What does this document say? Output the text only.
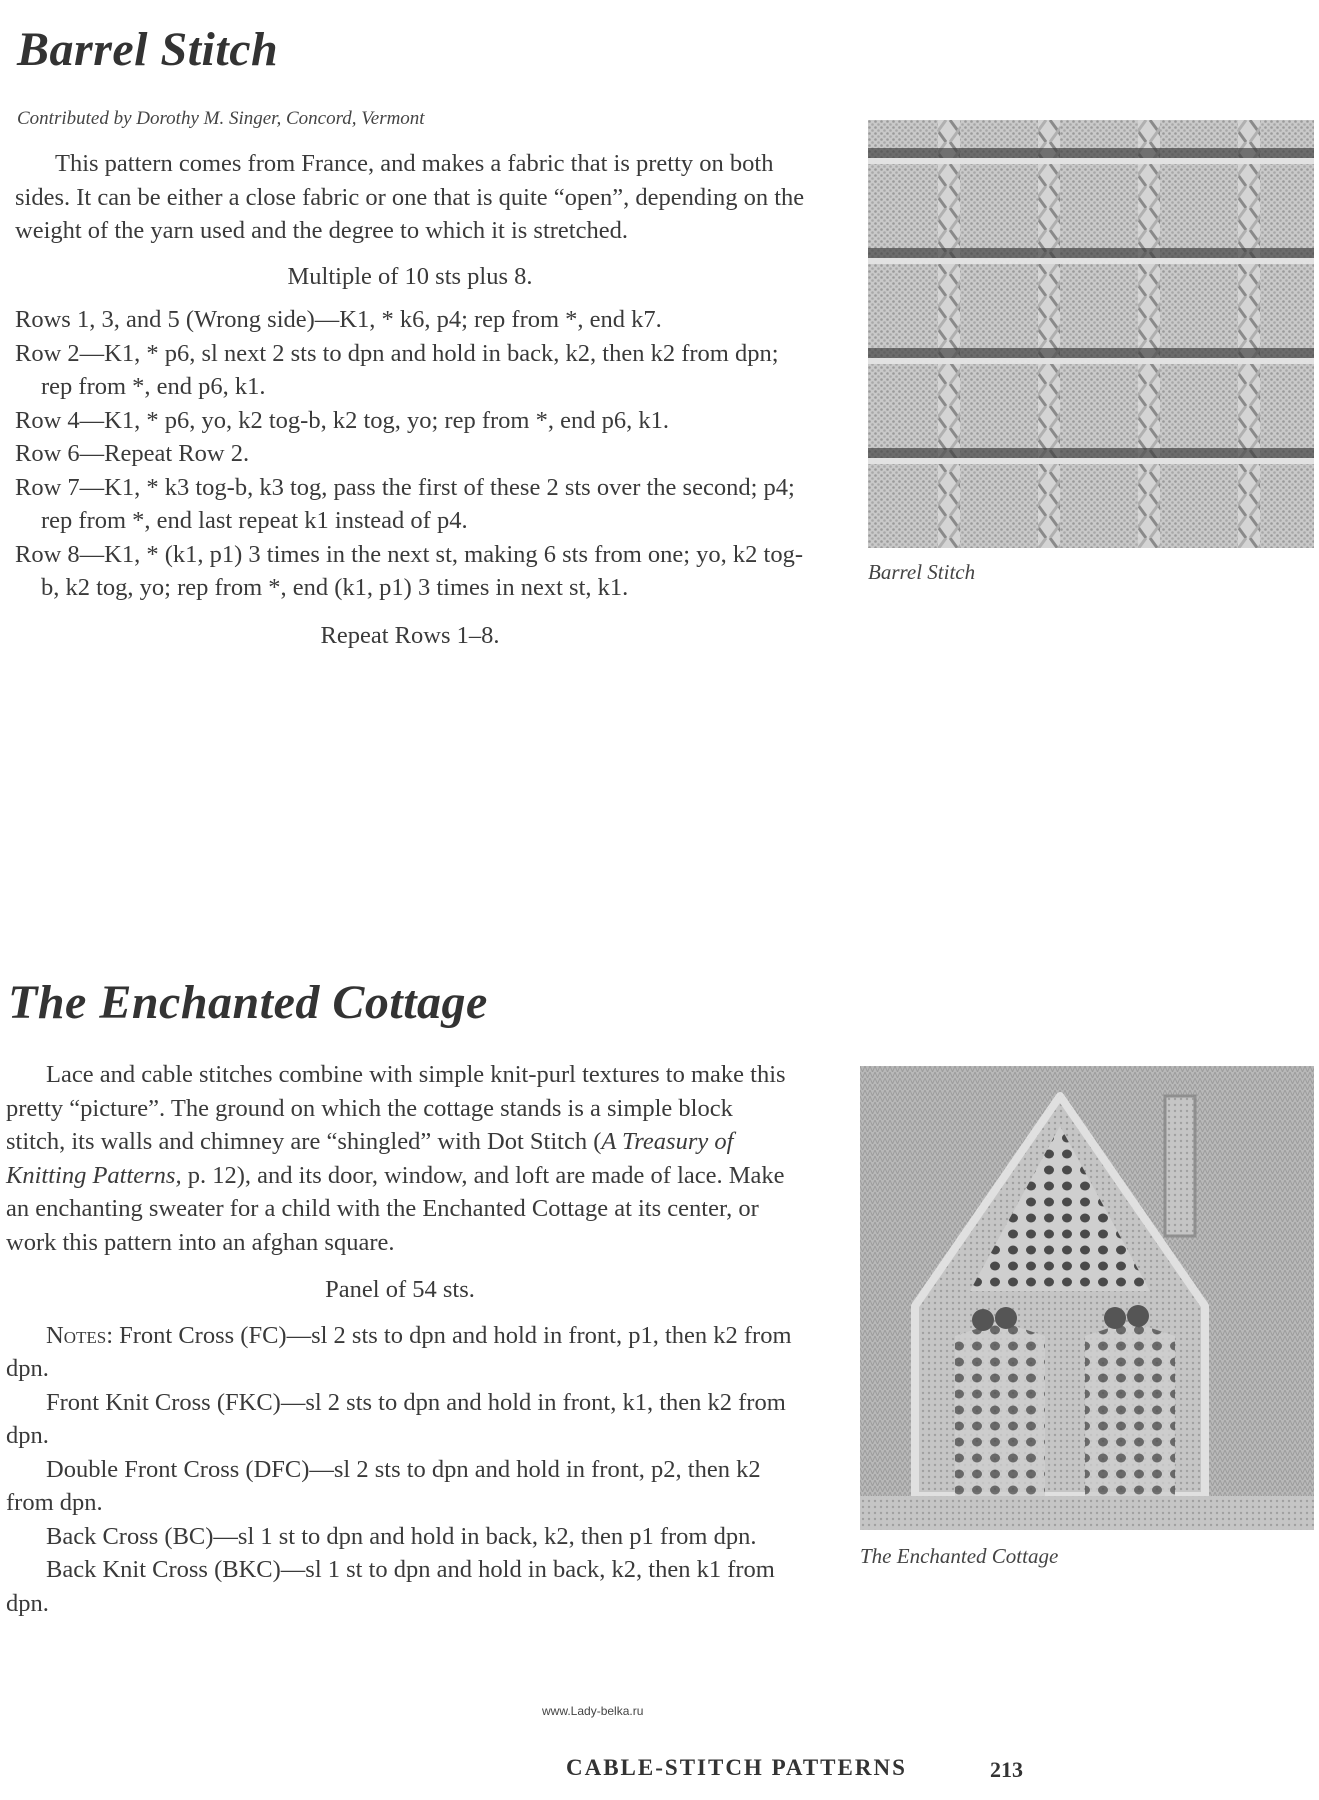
Barrel Stitch
Contributed by Dorothy M. Singer, Concord, Vermont

This pattern comes from France, and makes a fabric that is pretty on both sides. It can be either a close fabric or one that is quite “open”, depending on the weight of the yarn used and the degree to which it is stretched.

Multiple of 10 sts plus 8.

Rows 1, 3, and 5 (Wrong side)—K1, * k6, p4; rep from *, end k7.

Row 2—K1, * p6, sl next 2 sts to dpn and hold in back, k2, then k2 from dpn; rep from *, end p6, k1.

Row 4—K1, * p6, yo, k2 tog-b, k2 tog, yo; rep from *, end p6, k1.

Row 6—Repeat Row 2.

Row 7—K1, * k3 tog-b, k3 tog, pass the first of these 2 sts over the second; p4; rep from *, end last repeat k1 instead of p4.

Row 8—K1, * (k1, p1) 3 times in the next st, making 6 sts from one; yo, k2 tog-b, k2 tog, yo; rep from *, end (k1, p1) 3 times in next st, k1.

Repeat Rows 1–8.

Barrel Stitch
The Enchanted Cottage

Lace and cable stitches combine with simple knit-purl textures to make this pretty “picture”. The ground on which the cottage stands is a simple block stitch, its walls and chimney are “shingled” with Dot Stitch (A Treasury of Knitting Patterns, p. 12), and its door, window, and loft are made of lace. Make an enchanting sweater for a child with the Enchanted Cottage at its center, or work this pattern into an afghan square.

Panel of 54 sts.

Notes: Front Cross (FC)—sl 2 sts to dpn and hold in front, p1, then k2 from dpn.

Front Knit Cross (FKC)—sl 2 sts to dpn and hold in front, k1, then k2 from dpn.

Double Front Cross (DFC)—sl 2 sts to dpn and hold in front, p2, then k2 from dpn.

Back Cross (BC)—sl 1 st to dpn and hold in back, k2, then p1 from dpn.

Back Knit Cross (BKC)—sl 1 st to dpn and hold in back, k2, then k1 from dpn.

The Enchanted Cottage
www.Lady-belka.ru
CABLE-STITCH PATTERNS	213
